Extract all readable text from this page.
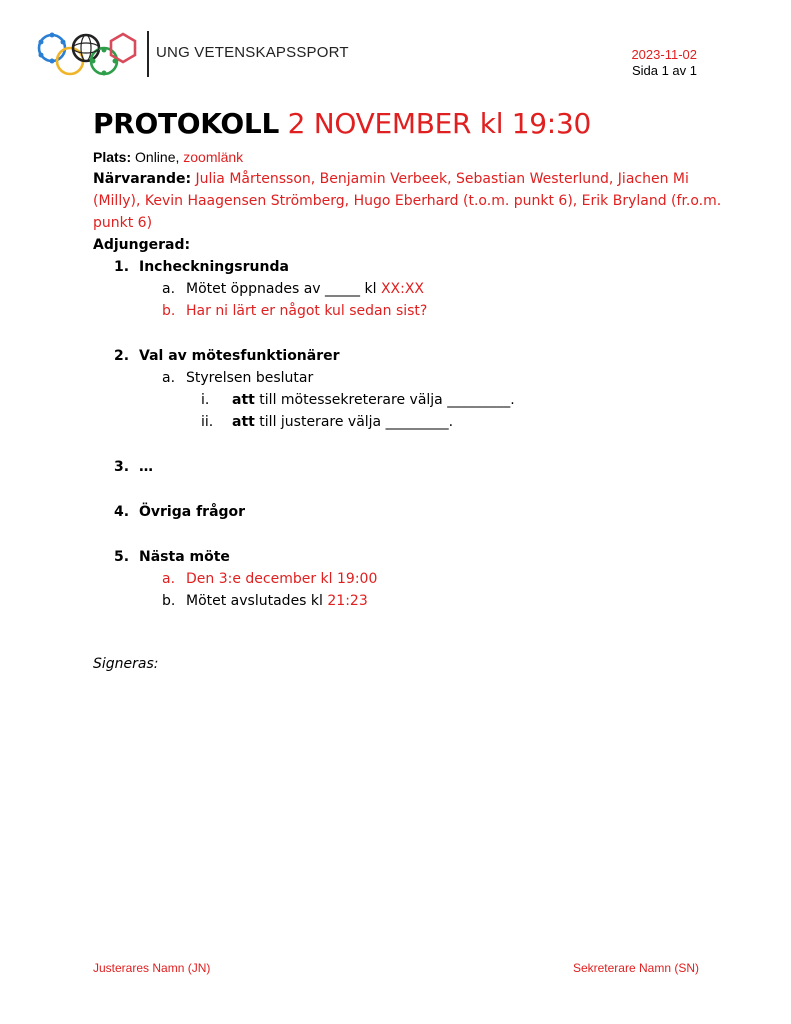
UNG VETENSKAPSSPORT	2023-11-02
Sida 1 av 1
PROTOKOLL 2 NOVEMBER kl 19:30
Plats: Online, zoomlänk
Närvarande: Julia Mårtensson, Benjamin Verbeek, Sebastian Westerlund, Jiachen Mi (Milly), Kevin Haagensen Strömberg, Hugo Eberhard (t.o.m. punkt 6), Erik Bryland (fr.o.m. punkt 6)
Adjungerad:
1. Incheckningsrunda
a. Mötet öppnades av _____ kl XX:XX
b. Har ni lärt er något kul sedan sist?
2. Val av mötesfunktionärer
a. Styrelsen beslutar
i. att till mötessekreterare välja _________.
ii. att till justerare välja _________.
3. …
4. Övriga frågor
5. Nästa möte
a. Den 3:e december kl 19:00
b. Mötet avslutades kl 21:23
Signeras:
Justerares Namn (JN)	Sekreterare Namn (SN)
